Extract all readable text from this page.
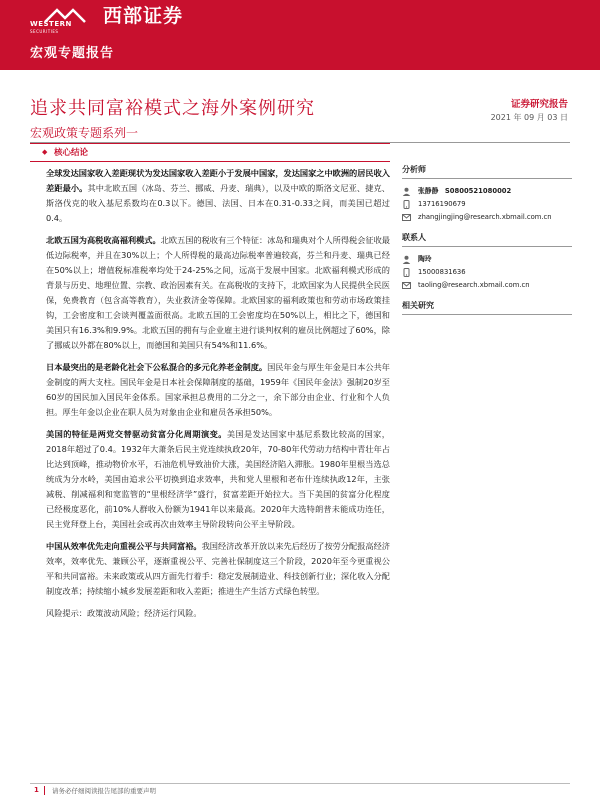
WESTERN
SECURITIES
西部证券
宏观专题报告
追求共同富裕模式之海外案例研究
宏观政策专题系列一
证券研究报告
2021 年 09 月 03 日
◆ 核心结论

全球发达国家收入差距现状为发达国家收入差距小于发展中国家，发达国家之中欧洲的居民收入差距最小。其中北欧五国（冰岛、芬兰、挪威、丹麦、瑞典），以及中欧的斯洛文尼亚、捷克、斯洛伐克的收入基尼系数均在0.3以下。德国、法国、日本在0.31-0.33之间，而美国已超过0.4。

北欧五国为高税收高福利模式。北欧五国的税收有三个特征：冰岛和瑞典对个人所得税会征收最低边际税率，并且在30%以上；个人所得税的最高边际税率普遍较高，芬兰和丹麦、瑞典已经在50%以上；增值税标准税率均处于24-25%之间，远高于发展中国家。北欧福利模式形成的背景与历史、地理位置、宗教、政治因素有关。在高税收的支持下，北欧国家为人民提供全民医保，免费教育（包含高等教育），失业救济金等保障。北欧国家的福利政策也和劳动市场政策挂钩，工会密度和工会谈判覆盖面很高。北欧五国的工会密度均在50%以上，相比之下，德国和美国只有16.3%和9.9%。北欧五国的拥有与企业雇主进行谈判权利的雇员比例超过了60%，除了挪威以外都在80%以上，而德国和美国只有54%和11.6%。

日本最突出的是老龄化社会下公私混合的多元化养老金制度。国民年金与厚生年金是日本公共年金制度的两大支柱。国民年金是日本社会保障制度的基础，1959年《国民年金法》强制20岁至60岁的国民加入国民年金体系。国家承担总费用的二分之一，余下部分由企业、行业和个人负担。厚生年金以企业在职人员为对象由企业和雇员各承担50%。

美国的特征是两党交替驱动贫富分化周期演变。美国是发达国家中基尼系数比较高的国家，2018年超过了0.4。1932年大萧条后民主党连续执政20年，70-80年代劳动力结构中青壮年占比达到顶峰，推动物价水平，石油危机导致油价大涨，美国经济陷入滞胀。1980年里根当选总统成为分水岭，美国由追求公平切换到追求效率，共和党人里根和老布什连续执政12年，主张减税、削减福利和宽监管的“里根经济学”盛行，贫富差距开始拉大。当下美国的贫富分化程度已经极度恶化，前10%人群收入份额为1941年以来最高。2020年大选特朗普未能成功连任，民主党拜登上台，美国社会或再次由效率主导阶段转向公平主导阶段。

中国从效率优先走向重视公平与共同富裕。我国经济改革开放以来先后经历了按劳分配报高经济效率，效率优先、兼顾公平，逐渐重视公平、完善社保制度这三个阶段，2020年至今更重视公平和共同富裕。未来政策或从四方面先行着手：稳定发展制造业、科技创新行业；深化收入分配制度改革；持续缩小城乡发展差距和收入差距；推进生产生活方式绿色转型。

风险提示：政策波动风险；经济运行风险。

分析师
张静静 S0800521080002
13716190679
zhangjingjing@research.xbmail.com.cn
联系人
陶玲
15000831636
taoling@research.xbmail.com.cn
相关研究
1 请务必仔细阅读报告尾部的重要声明
